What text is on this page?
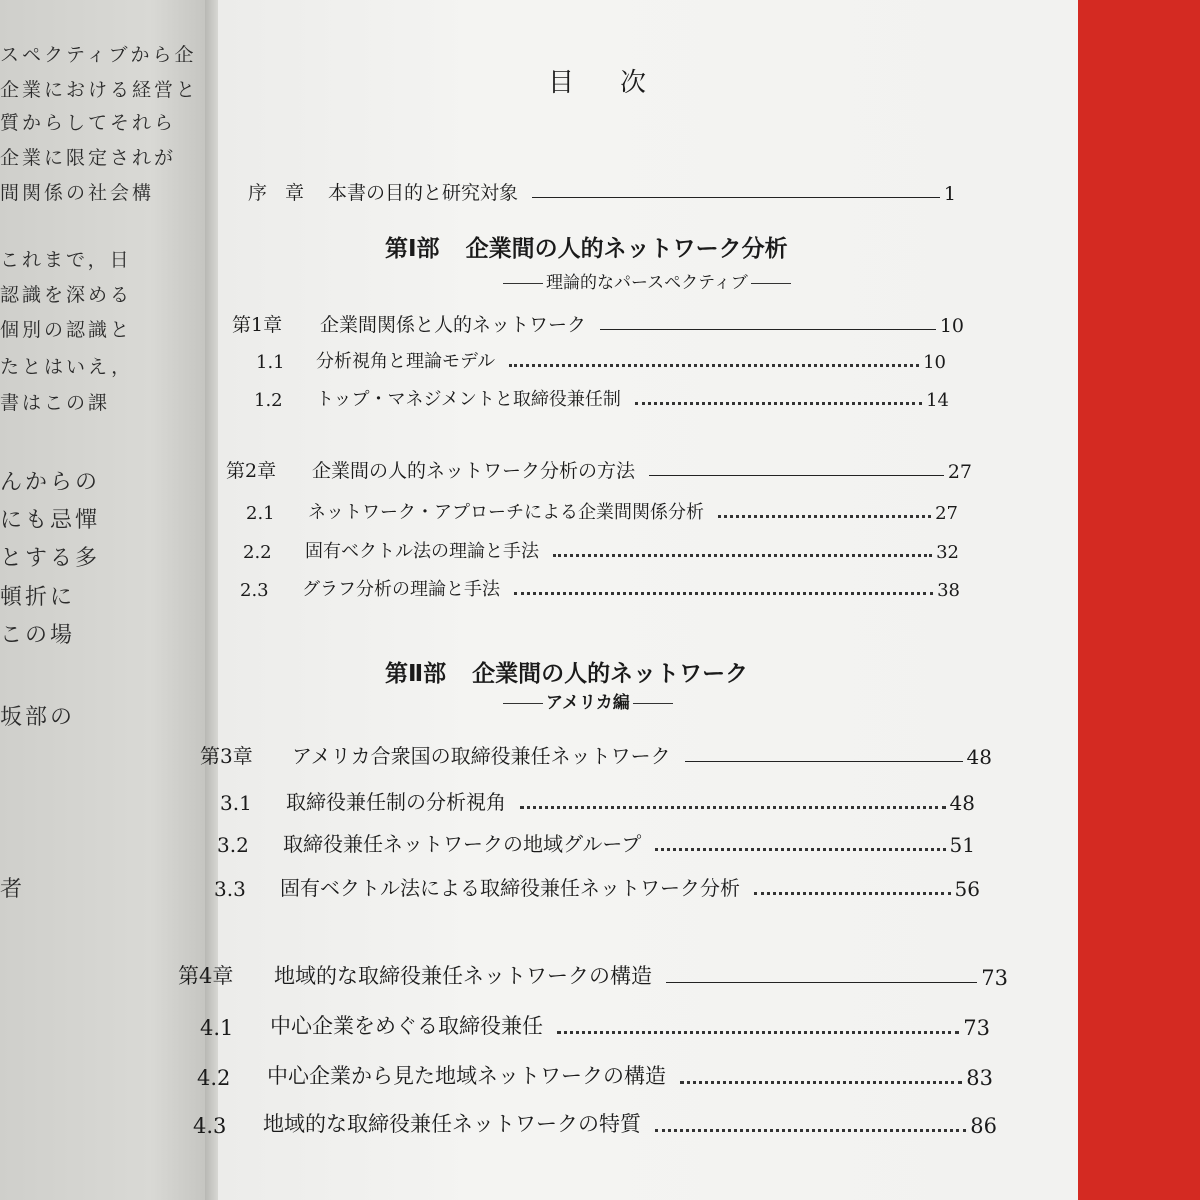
スペクティブから企
企業における経営と
質からしてそれら
企業に限定されが
間関係の社会構
これまで，日
認識を深める
個別の認識と
たとはいえ，
書はこの課
んからの
にも忌憚
とする多
頓折に
この場
坂部の
者
目次
序 章 本書の目的と研究対象	1
第Ⅰ部 企業間の人的ネットワーク分析
理論的なパースペクティブ
第1章	企業間関係と人的ネットワーク	10
1.1	分析視角と理論モデル	10
1.2	トップ・マネジメントと取締役兼任制	14
第2章	企業間の人的ネットワーク分析の方法	27
2.1	ネットワーク・アプローチによる企業間関係分析	27
2.2	固有ベクトル法の理論と手法	32
2.3	グラフ分析の理論と手法	38
第Ⅱ部 企業間の人的ネットワーク
アメリカ編
第3章	アメリカ合衆国の取締役兼任ネットワーク	48
3.1	取締役兼任制の分析視角	48
3.2	取締役兼任ネットワークの地域グループ	51
3.3	固有ベクトル法による取締役兼任ネットワーク分析	56
第4章	地域的な取締役兼任ネットワークの構造	73
4.1	中心企業をめぐる取締役兼任	73
4.2	中心企業から見た地域ネットワークの構造	83
4.3	地域的な取締役兼任ネットワークの特質	86
